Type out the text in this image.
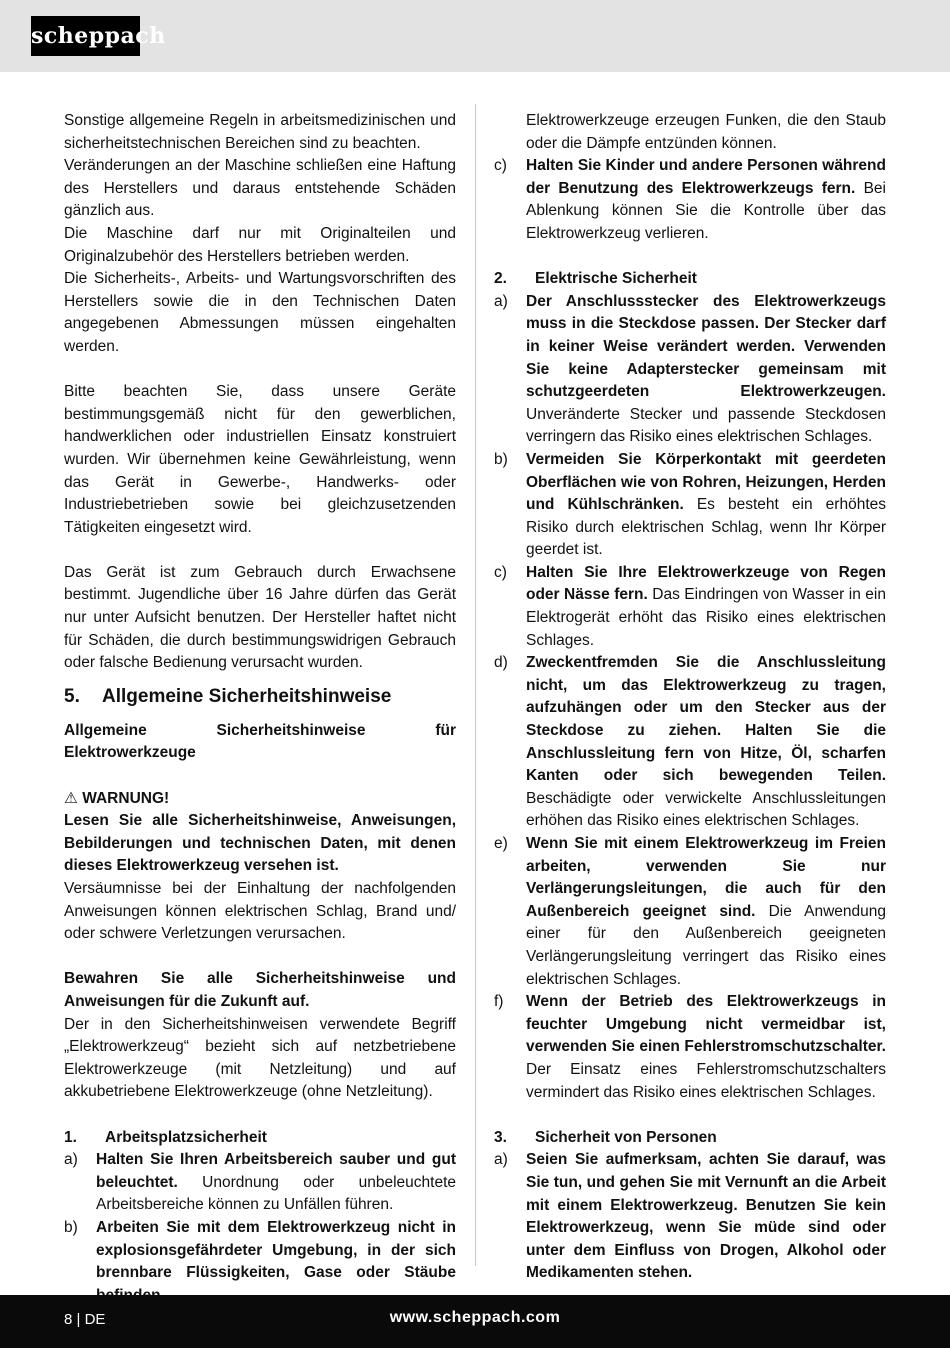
scheppach

Sonstige allgemeine Regeln in arbeitsmedizinischen und sicherheitstechnischen Bereichen sind zu beachten.

Veränderungen an der Maschine schließen eine Haftung des Herstellers und daraus entstehende Schäden gänzlich aus.

Die Maschine darf nur mit Originalteilen und Originalzubehör des Herstellers betrieben werden.

Die Sicherheits-, Arbeits- und Wartungsvorschriften des Herstellers sowie die in den Technischen Daten angegebenen Abmessungen müssen eingehalten werden.

Bitte beachten Sie, dass unsere Geräte bestimmungsgemäß nicht für den gewerblichen, handwerklichen oder industriellen Einsatz konstruiert wurden. Wir übernehmen keine Gewährleistung, wenn das Gerät in Gewerbe-, Handwerks- oder Industriebetrieben sowie bei gleichzusetzenden Tätigkeiten eingesetzt wird.

Das Gerät ist zum Gebrauch durch Erwachsene bestimmt. Jugendliche über 16 Jahre dürfen das Gerät nur unter Aufsicht benutzen. Der Hersteller haftet nicht für Schäden, die durch bestimmungswidrigen Gebrauch oder falsche Bedienung verursacht wurden.

5.	Allgemeine Sicherheitshinweise

Allgemeine Sicherheitshinweise für Elektrowerkzeuge

⚠ WARNUNG!

Lesen Sie alle Sicherheitshinweise, Anweisungen, Bebilderungen und technischen Daten, mit denen dieses Elektrowerkzeug versehen ist.

Versäumnisse bei der Einhaltung der nachfolgenden Anweisungen können elektrischen Schlag, Brand und/ oder schwere Verletzungen verursachen.

Bewahren Sie alle Sicherheitshinweise und Anweisungen für die Zukunft auf.

Der in den Sicherheitshinweisen verwendete Begriff „Elektrowerkzeug“ bezieht sich auf netzbetriebene Elektrowerkzeuge (mit Netzleitung) und auf akkubetriebene Elektrowerkzeuge (ohne Netzleitung).

1.	Arbeitsplatzsicherheit
a)	Halten Sie Ihren Arbeitsbereich sauber und gut beleuchtet. Unordnung oder unbeleuchtete Arbeitsbereiche können zu Unfällen führen.
b)	Arbeiten Sie mit dem Elektrowerkzeug nicht in explosionsgefährdeter Umgebung, in der sich brennbare Flüssigkeiten, Gase oder Stäube
Elektrowerkzeuge erzeugen Funken, die den Staub oder die Dämpfe entzünden können.
c)	Halten Sie Kinder und andere Personen während der Benutzung des Elektrowerkzeugs fern. Bei Ablenkung können Sie die Kontrolle über das Elektrowerkzeug verlieren.
2.	Elektrische Sicherheit
a)	Der Anschlussstecker des Elektrowerkzeugs muss in die Steckdose passen. Der Stecker darf in keiner Weise verändert werden. Verwenden Sie keine Adapterstecker gemeinsam mit schutzgeerdeten Elektrowerkzeugen. Unveränderte Stecker und passende Steckdosen verringern das Risiko eines elektrischen Schlages.
b)	Vermeiden Sie Körperkontakt mit geerdeten Oberflächen wie von Rohren, Heizungen, Herden und Kühlschränken. Es besteht ein erhöhtes Risiko durch elektrischen Schlag, wenn Ihr Körper geerdet ist.
c)	Halten Sie Ihre Elektrowerkzeuge von Regen oder Nässe fern. Das Eindringen von Wasser in ein Elektrogerät erhöht das Risiko eines elektrischen Schlages.
d)	Zweckentfremden Sie die Anschlussleitung nicht, um das Elektrowerkzeug zu tragen, aufzuhängen oder um den Stecker aus der Steckdose zu ziehen. Halten Sie die Anschlussleitung fern von Hitze, Öl, scharfen Kanten oder sich bewegenden Teilen. Beschädigte oder verwickelte Anschlussleitungen erhöhen das Risiko eines elektrischen Schlages.
e)	Wenn Sie mit einem Elektrowerkzeug im Freien arbeiten, verwenden Sie nur Verlängerungsleitungen, die auch für den Außenbereich geeignet sind. Die Anwendung einer für den Außenbereich geeigneten Verlängerungsleitung verringert das Risiko eines elektrischen Schlages.
f)	Wenn der Betrieb des Elektrowerkzeugs in feuchter Umgebung nicht vermeidbar ist, verwenden Sie einen Fehlerstromschutzschalter. Der Einsatz eines Fehlerstromschutzschalters vermindert das Risiko eines elektrischen Schlages.
3.	Sicherheit von Personen
a)	Seien Sie aufmerksam, achten Sie darauf, was Sie tun, und gehen Sie mit Vernunft an die Arbeit mit einem Elektrowerkzeug. Benutzen Sie kein Elektrowerkzeug, wenn Sie müde sind oder unter dem Einfluss von Drogen, Alkohol oder Medikamenten stehen.
8 | DE	www.scheppach.com
